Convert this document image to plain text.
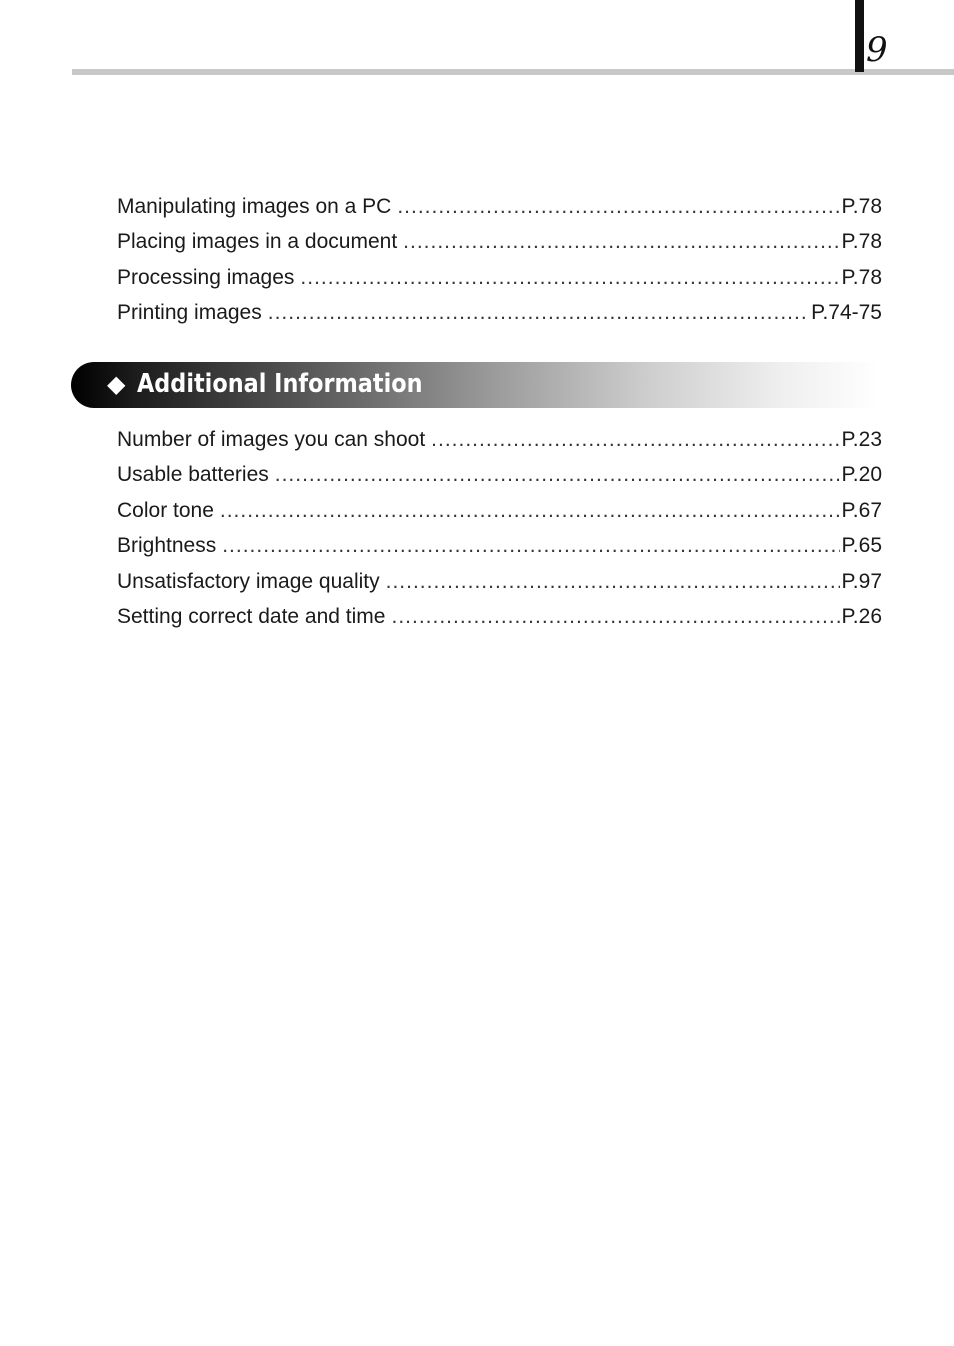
9
Manipulating images on a PC .....	P.78
Placing images in a document .....	P.78
Processing images .....	P.78
Printing images .....	P.74-75
◆ Additional Information
Number of images you can shoot .....	P.23
Usable batteries .....	P.20
Color tone .....	P.67
Brightness .....	P.65
Unsatisfactory image quality .....	P.97
Setting correct date and time .....	P.26
